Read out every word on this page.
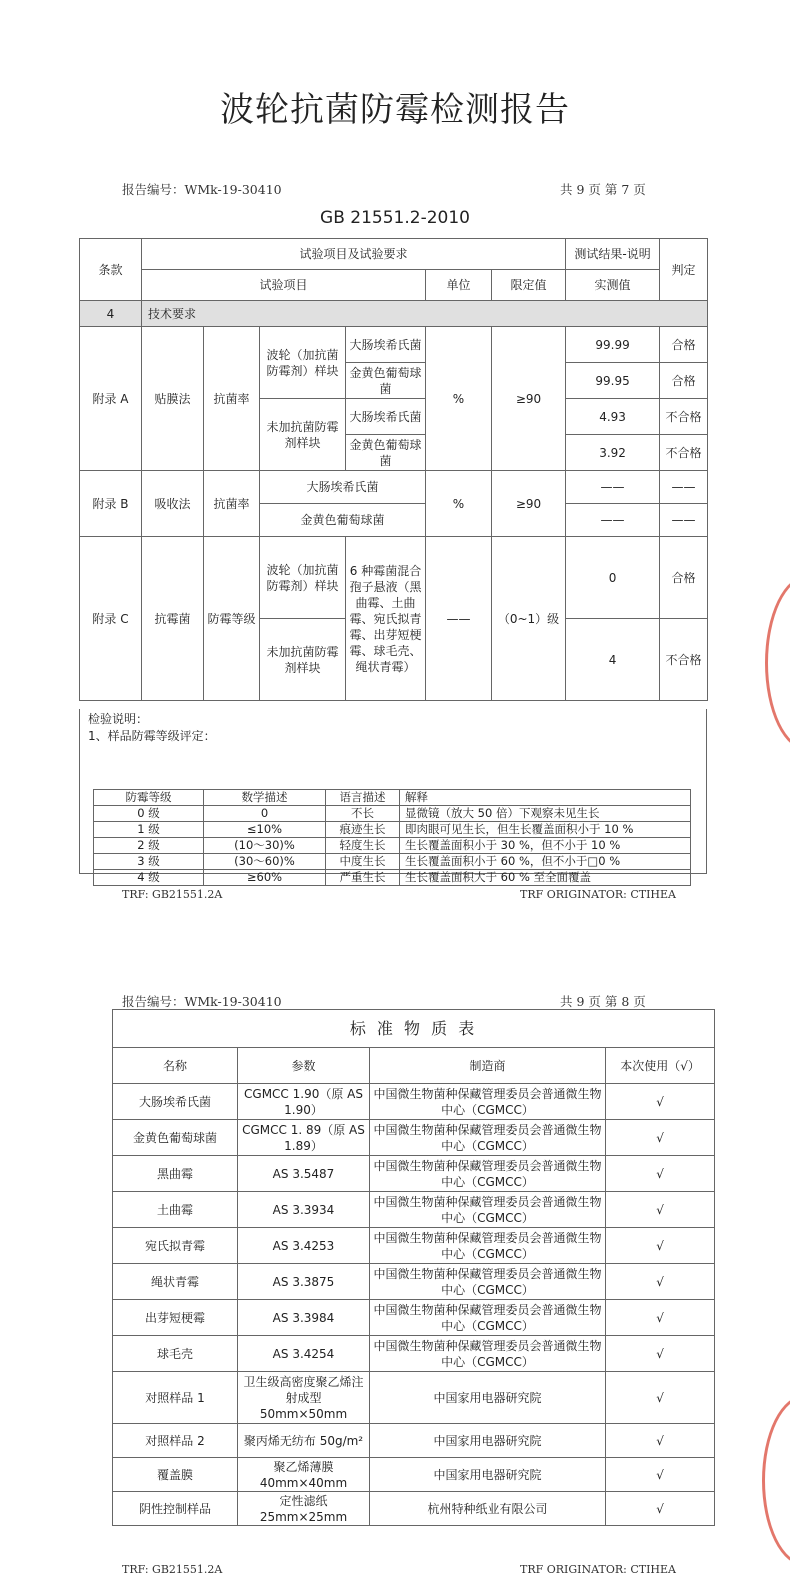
波轮抗菌防霉检测报告
报告编号：WMk-19-30410	共 9 页 第 7 页
GB 21551.2-2010
条款	试验项目及试验要求						测试结果-说明	判定
	试验项目				单位	限定值	实测值	
4	技术要求							
附录 A	贴膜法	抗菌率	波轮（加抗菌防霉剂）样块	大肠埃希氏菌	%	≥90	99.99	合格
				金黄色葡萄球菌			99.95	合格
			未加抗菌防霉剂样块	大肠埃希氏菌			4.93	不合格
				金黄色葡萄球菌			3.92	不合格
附录 B	吸收法	抗菌率	大肠埃希氏菌		%	≥90	——	——
			金黄色葡萄球菌				——	——
附录 C	抗霉菌	防霉等级	波轮（加抗菌防霉剂）样块	6 种霉菌混合孢子悬液（黑曲霉、土曲霉、宛氏拟青霉、出芽短梗霉、球毛壳、绳状青霉）	——	（0~1）级	0	合格
			未加抗菌防霉剂样块				4	不合格
检验说明：
1、样品防霉等级评定：
防霉等级	数学描述	语言描述	解释
0 级	0	不长	显微镜（放大 50 倍）下观察未见生长
1 级	≤10%	痕迹生长	即肉眼可见生长，但生长覆盖面积小于 10 %
2 级	(10～30)%	轻度生长	生长覆盖面积小于 30 %，但不小于 10 %
3 级	(30～60)%	中度生长	生长覆盖面积小于 60 %，但不小于□0 %
4 级	≥60%	严重生长	生长覆盖面积大于 60 % 至全面覆盖
TRF: GB21551.2A	TRF ORIGINATOR: CTIHEA
报告编号：WMk-19-30410	共 9 页 第 8 页
标 准 物 质 表			
名称	参数	制造商	本次使用（√）
大肠埃希氏菌	CGMCC 1.90（原 AS 1.90）	中国微生物菌种保藏管理委员会普通微生物中心（CGMCC）	√
金黄色葡萄球菌	CGMCC 1. 89（原 AS 1.89）	中国微生物菌种保藏管理委员会普通微生物中心（CGMCC）	√
黑曲霉	AS 3.5487	中国微生物菌种保藏管理委员会普通微生物中心（CGMCC）	√
土曲霉	AS 3.3934	中国微生物菌种保藏管理委员会普通微生物中心（CGMCC）	√
宛氏拟青霉	AS 3.4253	中国微生物菌种保藏管理委员会普通微生物中心（CGMCC）	√
绳状青霉	AS 3.3875	中国微生物菌种保藏管理委员会普通微生物中心（CGMCC）	√
出芽短梗霉	AS 3.3984	中国微生物菌种保藏管理委员会普通微生物中心（CGMCC）	√
球毛壳	AS 3.4254	中国微生物菌种保藏管理委员会普通微生物中心（CGMCC）	√
对照样品 1	卫生级高密度聚乙烯注射成型 50mm×50mm	中国家用电器研究院	√
对照样品 2	聚丙烯无纺布 50g/m²	中国家用电器研究院	√
覆盖膜	聚乙烯薄膜 40mm×40mm	中国家用电器研究院	√
阴性控制样品	定性滤纸 25mm×25mm	杭州特种纸业有限公司	√
TRF: GB21551.2A	TRF ORIGINATOR: CTIHEA
